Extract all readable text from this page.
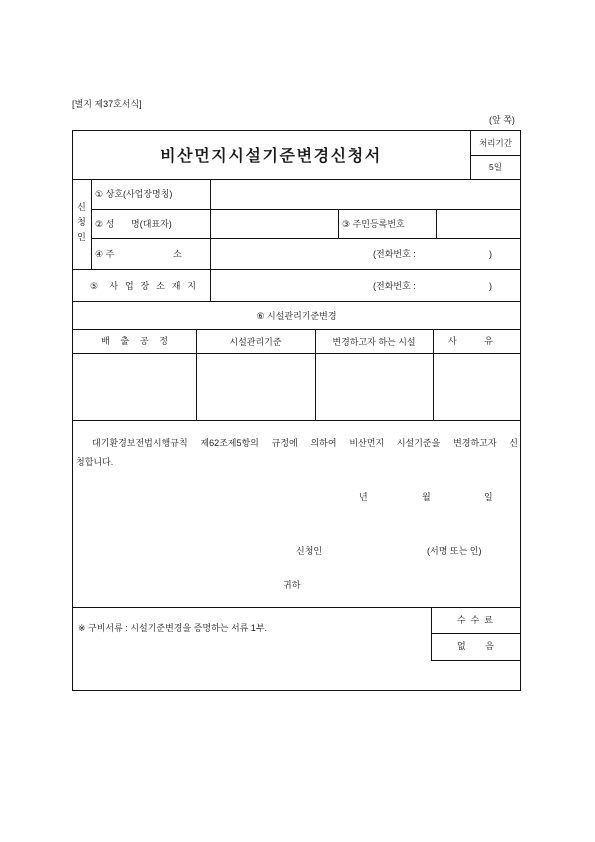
[별지 제37호서식]
(앞 쪽)
비산먼지시설기준변경신청서
처리기간
5일
신청인
① 상호(사업장명칭)
② 성 명(대표자)	③ 주민등록번호
④ 주	소	(전화번호 :	)
⑤ 사 업 장 소 재 지	(전화번호 :	)
⑥ 시설관리기준변경
배 출 공 정	시설관리기준	변경하고자 하는 시설	사 유
대기환경보전법시행규칙 제62조제5항의 규정에 의하여 비산먼지 시설기준을 변경하고자 신
청합니다.
년	월	일
신청인	(서명 또는 인)
귀하
※ 구비서류 : 시설기준변경을 증명하는 서류 1부.
수 수 료
없 음
